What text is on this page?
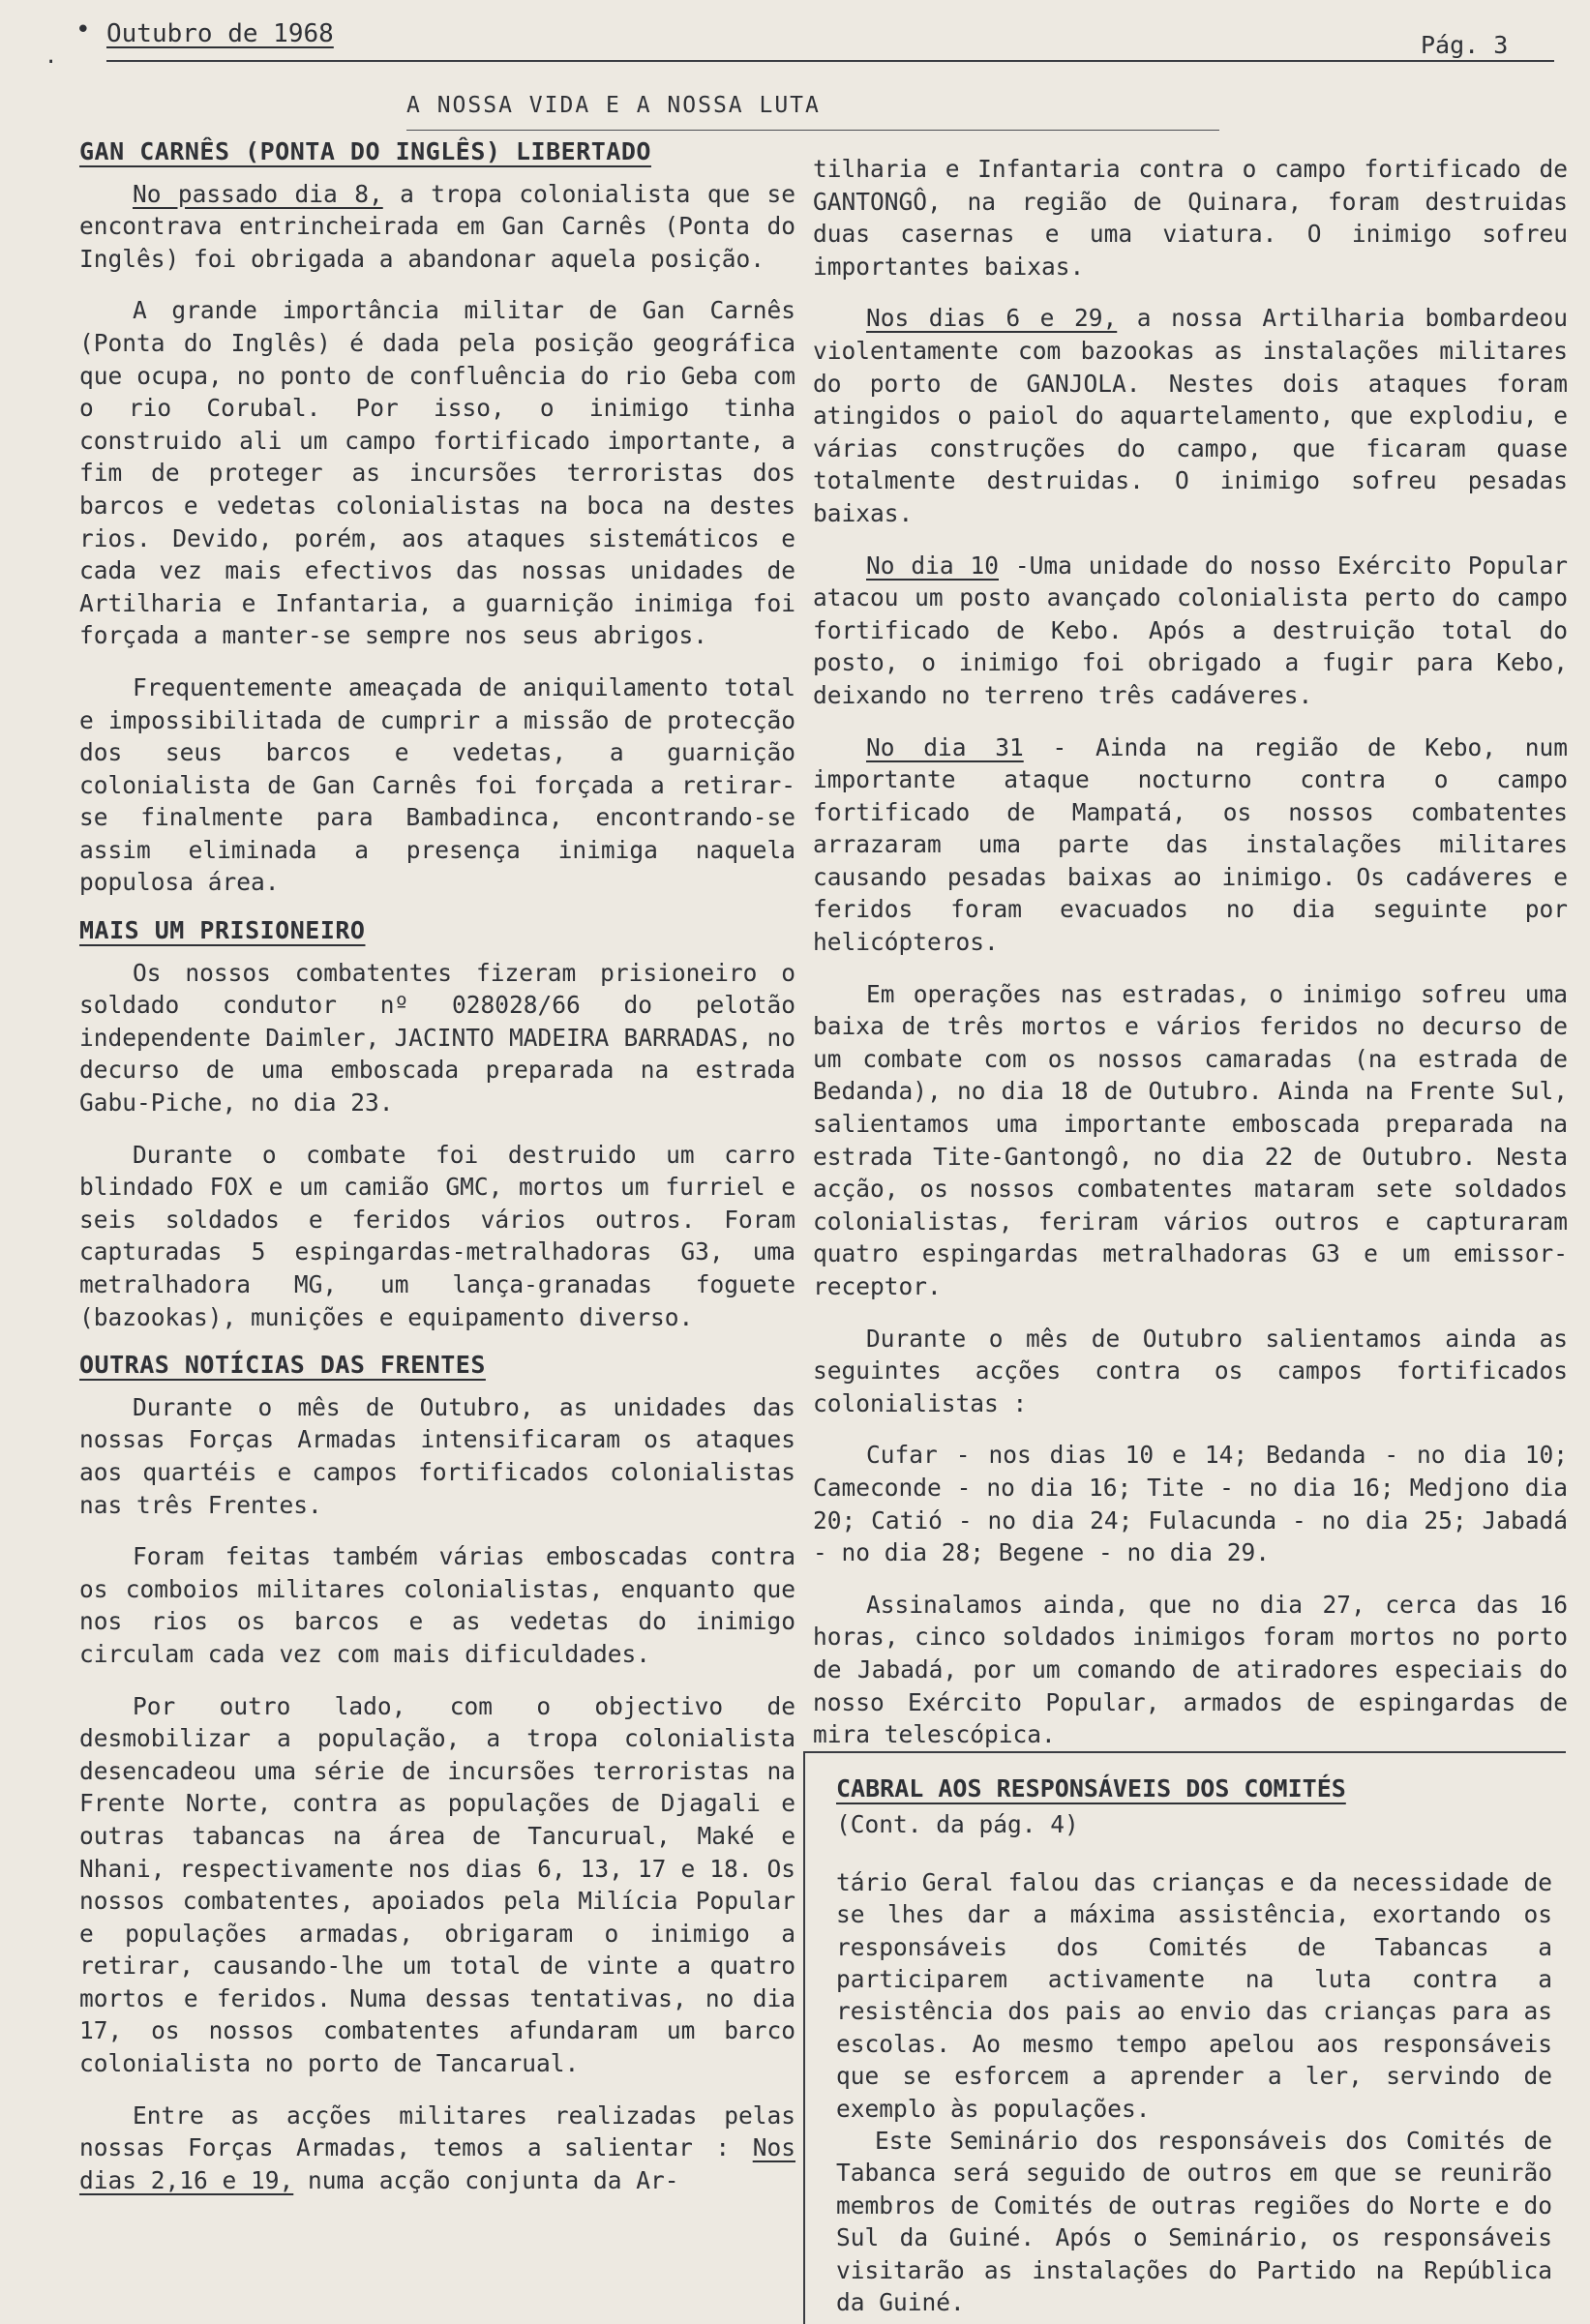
•
·
Outubro de 1968	Pág. 3
A NOSSA VIDA E A NOSSA LUTA
GAN CARNÊS (PONTA DO INGLÊS) LIBERTADO

No passado dia 8, a tropa colonialista que se encontrava entrincheirada em Gan Carnês (Ponta do Inglês) foi obrigada a abandonar aquela posição.

A grande importância militar de Gan Carnês (Ponta do Inglês) é dada pela posição geográfica que ocupa, no ponto de confluência do rio Geba com o rio Corubal. Por isso, o inimigo tinha construido ali um campo fortificado importante, a fim de proteger as incursões terroristas dos barcos e vedetas colonialistas na boca na destes rios. Devido, porém, aos ataques sistemáticos e cada vez mais efectivos das nossas unidades de Artilharia e Infantaria, a guarnição inimiga foi forçada a manter-se sempre nos seus abrigos.

Frequentemente ameaçada de aniquilamento total e impossibilitada de cumprir a missão de protecção dos seus barcos e vedetas, a guarnição colonialista de Gan Carnês foi forçada a retirar-se finalmente para Bambadinca, encontrando-se assim eliminada a presença inimiga naquela populosa área.

MAIS UM PRISIONEIRO

Os nossos combatentes fizeram prisioneiro o soldado condutor nº 028028/66 do pelotão independente Daimler, JACINTO MADEIRA BARRADAS, no decurso de uma emboscada preparada na estrada Gabu-Piche, no dia 23.

Durante o combate foi destruido um carro blindado FOX e um camião GMC, mortos um furriel e seis soldados e feridos vários outros. Foram capturadas 5 espingardas-metralhadoras G3, uma metralhadora MG, um lança-granadas foguete (bazookas), munições e equipamento diverso.

OUTRAS NOTÍCIAS DAS FRENTES

Durante o mês de Outubro, as unidades das nossas Forças Armadas intensificaram os ataques aos quartéis e campos fortificados colonialistas nas três Frentes.

Foram feitas também várias emboscadas contra os comboios militares colonialistas, enquanto que nos rios os barcos e as vedetas do inimigo circulam cada vez com mais dificuldades.

Por outro lado, com o objectivo de desmobilizar a população, a tropa colonialista desencadeou uma série de incursões terroristas na Frente Norte, contra as populações de Djagali e outras tabancas na área de Tancurual, Maké e Nhani, respectivamente nos dias 6, 13, 17 e 18. Os nossos combatentes, apoiados pela Milícia Popular e populações armadas, obrigaram o inimigo a retirar, causando-lhe um total de vinte a quatro mortos e feridos. Numa dessas tentativas, no dia 17, os nossos combatentes afundaram um barco colonialista no porto de Tancarual.

Entre as acções militares realizadas pelas nossas Forças Armadas, temos a salientar : Nos dias 2,16 e 19, numa acção conjunta da Ar-

tilharia e Infantaria contra o campo fortificado de GANTONGÔ, na região de Quinara, foram destruidas duas casernas e uma viatura. O inimigo sofreu importantes baixas.

Nos dias 6 e 29, a nossa Artilharia bombardeou violentamente com bazookas as instalações militares do porto de GANJOLA. Nestes dois ataques foram atingidos o paiol do aquartelamento, que explodiu, e várias construções do campo, que ficaram quase totalmente destruidas. O inimigo sofreu pesadas baixas.

No dia 10 -Uma unidade do nosso Exército Popular atacou um posto avançado colonialista perto do campo fortificado de Kebo. Após a destruição total do posto, o inimigo foi obrigado a fugir para Kebo, deixando no terreno três cadáveres.

No dia 31 - Ainda na região de Kebo, num importante ataque nocturno contra o campo fortificado de Mampatá, os nossos combatentes arrazaram uma parte das instalações militares causando pesadas baixas ao inimigo. Os cadáveres e feridos foram evacuados no dia seguinte por helicópteros.

Em operações nas estradas, o inimigo sofreu uma baixa de três mortos e vários feridos no decurso de um combate com os nossos camaradas (na estrada de Bedanda), no dia 18 de Outubro. Ainda na Frente Sul, salientamos uma importante emboscada preparada na estrada Tite-Gantongô, no dia 22 de Outubro. Nesta acção, os nossos combatentes mataram sete soldados colonialistas, feriram vários outros e capturaram quatro espingardas metralhadoras G3 e um emissor-receptor.

Durante o mês de Outubro salientamos ainda as seguintes acções contra os campos fortificados colonialistas :

Cufar - nos dias 10 e 14; Bedanda - no dia 10; Cameconde - no dia 16; Tite - no dia 16; Medjono dia 20; Catió - no dia 24; Fulacunda - no dia 25; Jabadá - no dia 28; Begene - no dia 29.

Assinalamos ainda, que no dia 27, cerca das 16 horas, cinco soldados inimigos foram mortos no porto de Jabadá, por um comando de atiradores especiais do nosso Exército Popular, armados de espingardas de mira telescópica.

CABRAL AOS RESPONSÁVEIS DOS COMITÉS
(Cont. da pág. 4)

tário Geral falou das crianças e da necessidade de se lhes dar a máxima assistência, exortando os responsáveis dos Comités de Tabancas a participarem activamente na luta contra a resistência dos pais ao envio das crianças para as escolas. Ao mesmo tempo apelou aos responsáveis que se esforcem a aprender a ler, servindo de exemplo às populações.

Este Seminário dos responsáveis dos Comités de Tabanca será seguido de outros em que se reunirão membros de Comités de outras regiões do Norte e do Sul da Guiné. Após o Seminário, os responsáveis visitarão as instalações do Partido na República da Guiné.
